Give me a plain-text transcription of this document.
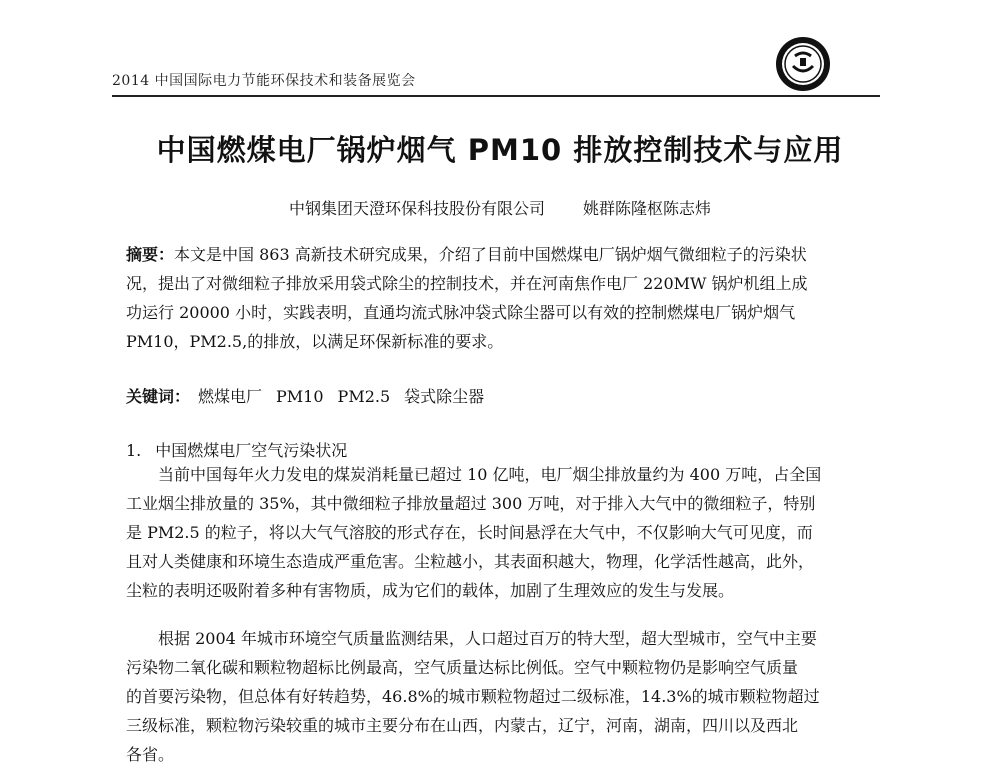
2014 中国国际电力节能环保技术和装备展览会
中国燃煤电厂锅炉烟气 PM10 排放控制技术与应用
中钢集团天澄环保科技股份有限公司 姚群陈隆枢陈志炜
摘要：本文是中国 863 高新技术研究成果，介绍了目前中国燃煤电厂锅炉烟气微细粒子的污染状
况，提出了对微细粒子排放采用袋式除尘的控制技术，并在河南焦作电厂 220MW 锅炉机组上成
功运行 20000 小时，实践表明，直通均流式脉冲袋式除尘器可以有效的控制燃煤电厂锅炉烟气
PM10，PM2.5,的排放，以满足环保新标准的要求。
关键词： 燃煤电厂 PM10 PM2.5 袋式除尘器
1. 中国燃煤电厂空气污染状况
当前中国每年火力发电的煤炭消耗量已超过 10 亿吨，电厂烟尘排放量约为 400 万吨，占全国
工业烟尘排放量的 35%，其中微细粒子排放量超过 300 万吨，对于排入大气中的微细粒子，特别
是 PM2.5 的粒子，将以大气气溶胶的形式存在，长时间悬浮在大气中，不仅影响大气可见度，而
且对人类健康和环境生态造成严重危害。尘粒越小，其表面积越大，物理，化学活性越高，此外，
尘粒的表明还吸附着多种有害物质，成为它们的载体，加剧了生理效应的发生与发展。
根据 2004 年城市环境空气质量监测结果，人口超过百万的特大型，超大型城市，空气中主要
污染物二氧化碳和颗粒物超标比例最高，空气质量达标比例低。空气中颗粒物仍是影响空气质量
的首要污染物，但总体有好转趋势，46.8%的城市颗粒物超过二级标准，14.3%的城市颗粒物超过
三级标准，颗粒物污染较重的城市主要分布在山西，内蒙古，辽宁，河南，湖南，四川以及西北
各省。
